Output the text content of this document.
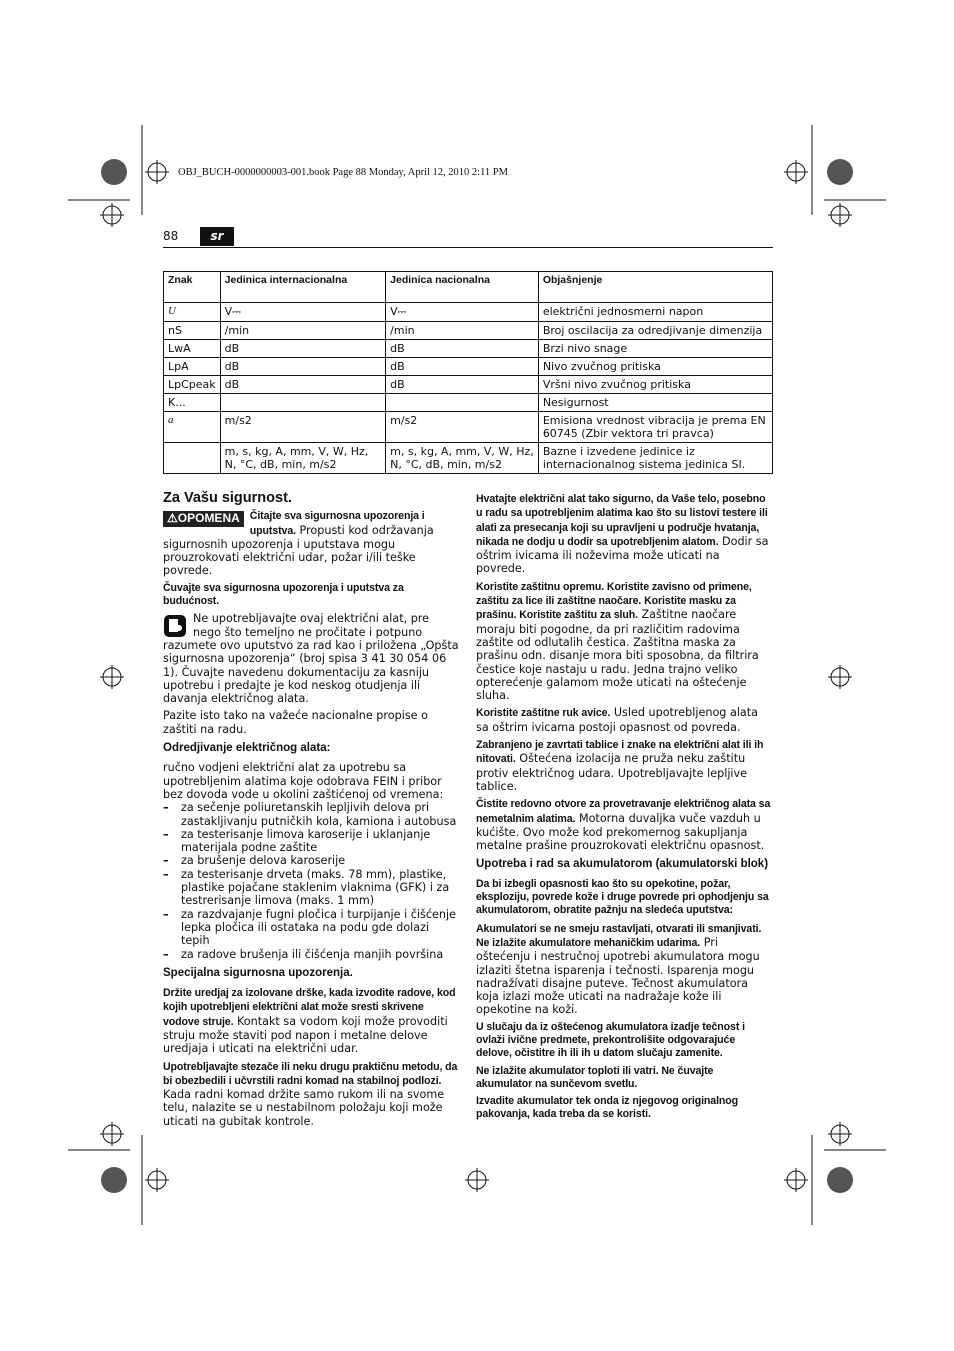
OBJ_BUCH-0000000003-001.book Page 88 Monday, April 12, 2010 2:11 PM
88	sr
Znak	Jedinica internacionalna	Jedinica nacionalna	Objašnjenje
U	V⎓	V⎓	električni jednosmerni napon
nS	/min	/min	Broj oscilacija za odredjivanje dimenzija
LwA	dB	dB	Brzi nivo snage
LpA	dB	dB	Nivo zvučnog pritiska
LpCpeak	dB	dB	Vršni nivo zvučnog pritiska
K...			Nesigurnost
a	m/s2	m/s2	Emisiona vrednost vibracija je prema EN 60745 (Zbir vektora tri pravca)
	m, s, kg, A, mm, V, W, Hz, N, °C, dB, min, m/s2	m, s, kg, A, mm, V, W, Hz, N, °C, dB, min, m/s2	Bazne i izvedene jedinice iz internacionalnog sistema jedinica SI.
Za Vašu sigurnost.

⚠OPOMENA Čitajte sva sigurnosna upozorenja i uputstva. Propusti kod održavanja sigurnosnih upozorenja i uputstava mogu prouzrokovati električni udar, požar i/ili teške povrede.

Čuvajte sva sigurnosna upozorenja i uputstva za budućnost.

Ne upotrebljavajte ovaj električni alat, pre nego što temeljno ne pročitate i potpuno razumete ovo uputstvo za rad kao i priložena „Opšta sigurnosna upozorenja“ (broj spisa 3 41 30 054 06 1). Čuvajte navedenu dokumentaciju za kasniju upotrebu i predajte je kod neskog otudjenja ili davanja električnog alata.

Pazite isto tako na važeće nacionalne propise o zaštiti na radu.

Odredjivanje električnog alata:

ručno vodjeni električni alat za upotrebu sa upotrebljenim alatima koje odobrava FEIN i pribor bez dovoda vode u okolini zaštićenoj od vremena:

– za sečenje poliuretanskih lepljivih delova pri zastakljivanju putničkih kola, kamiona i autobusa
– za testerisanje limova karoserije i uklanjanje materijala podne zaštite
– za brušenje delova karoserije
– za testerisanje drveta (maks. 78 mm), plastike, plastike pojačane staklenim vlaknima (GFK) i za testrerisanje limova (maks. 1 mm)
– za razdvajanje fugni pločica i turpijanje i čišćenje lepka pločica ili ostataka na podu gde dolazi tepih
– za radove brušenja ili čišćenja manjih površina
Specijalna sigurnosna upozorenja.

Držite uredjaj za izolovane drške, kada izvodite radove, kod kojih upotrebljeni električni alat može sresti skrivene vodove struje. Kontakt sa vodom koji može provoditi struju može staviti pod napon i metalne delove uredjaja i uticati na električni udar.

Upotrebljavajte stezače ili neku drugu praktičnu metodu, da bi obezbedili i učvrstili radni komad na stabilnoj podlozi. Kada radni komad držite samo rukom ili na svome telu, nalazite se u nestabilnom položaju koji može uticati na gubitak kontrole.

Hvatajte električni alat tako sigurno, da Vaše telo, posebno u radu sa upotrebljenim alatima kao što su listovi testere ili alati za presecanja koji su upravljeni u područje hvatanja, nikada ne dodju u dodir sa upotrebljenim alatom. Dodir sa oštrim ivicama ili noževima može uticati na povrede.

Koristite zaštitnu opremu. Koristite zavisno od primene, zaštitu za lice ili zaštitne naočare. Koristite masku za prašinu. Koristite zaštitu za sluh. Zaštitne naočare moraju biti pogodne, da pri različitim radovima zaštite od odlutalih čestica. Zaštitna maska za prašinu odn. disanje mora biti sposobna, da filtrira čestice koje nastaju u radu. Jedna trajno veliko opterećenje galamom može uticati na oštećenje sluha.

Koristite zaštitne ruk avice. Usled upotrebljenog alata sa oštrim ivicama postoji opasnost od povreda.

Zabranjeno je zavrtati tablice i znake na električni alat ili ih nitovati. Oštećena izolacija ne pruža neku zaštitu protiv električnog udara. Upotrebljavajte lepljive tablice.

Čistite redovno otvore za provetravanje električnog alata sa nemetalnim alatima. Motorna duvaljka vuče vazduh u kućište. Ovo može kod prekomernog sakupljanja metalne prašine prouzrokovati električnu opasnost.

Upotreba i rad sa akumulatorom (akumulatorski blok)

Da bi izbegli opasnosti kao što su opekotine, požar, eksploziju, povrede kože i druge povrede pri ophodjenju sa akumulatorom, obratite pažnju na sledeća uputstva:

Akumulatori se ne smeju rastavljati, otvarati ili smanjivati. Ne izlažite akumulatore mehaničkim udarima. Pri oštećenju i nestručnoj upotrebi akumulatora mogu izlaziti štetna isparenja i tečnosti. Isparenja mogu nadražívati disajne puteve. Tečnost akumulatora koja izlazi može uticati na nadražaje kože ili opekotine na koži.

U slučaju da iz oštećenog akumulatora izadje tečnost i ovlaži ivične predmete, prekontrolišite odgovarajuće delove, očistitre ih ili ih u datom slučaju zamenite.

Ne izlažite akumulator toploti ili vatri. Ne čuvajte akumulator na sunčevom svetlu.

Izvadite akumulator tek onda iz njegovog originalnog pakovanja, kada treba da se koristi.
